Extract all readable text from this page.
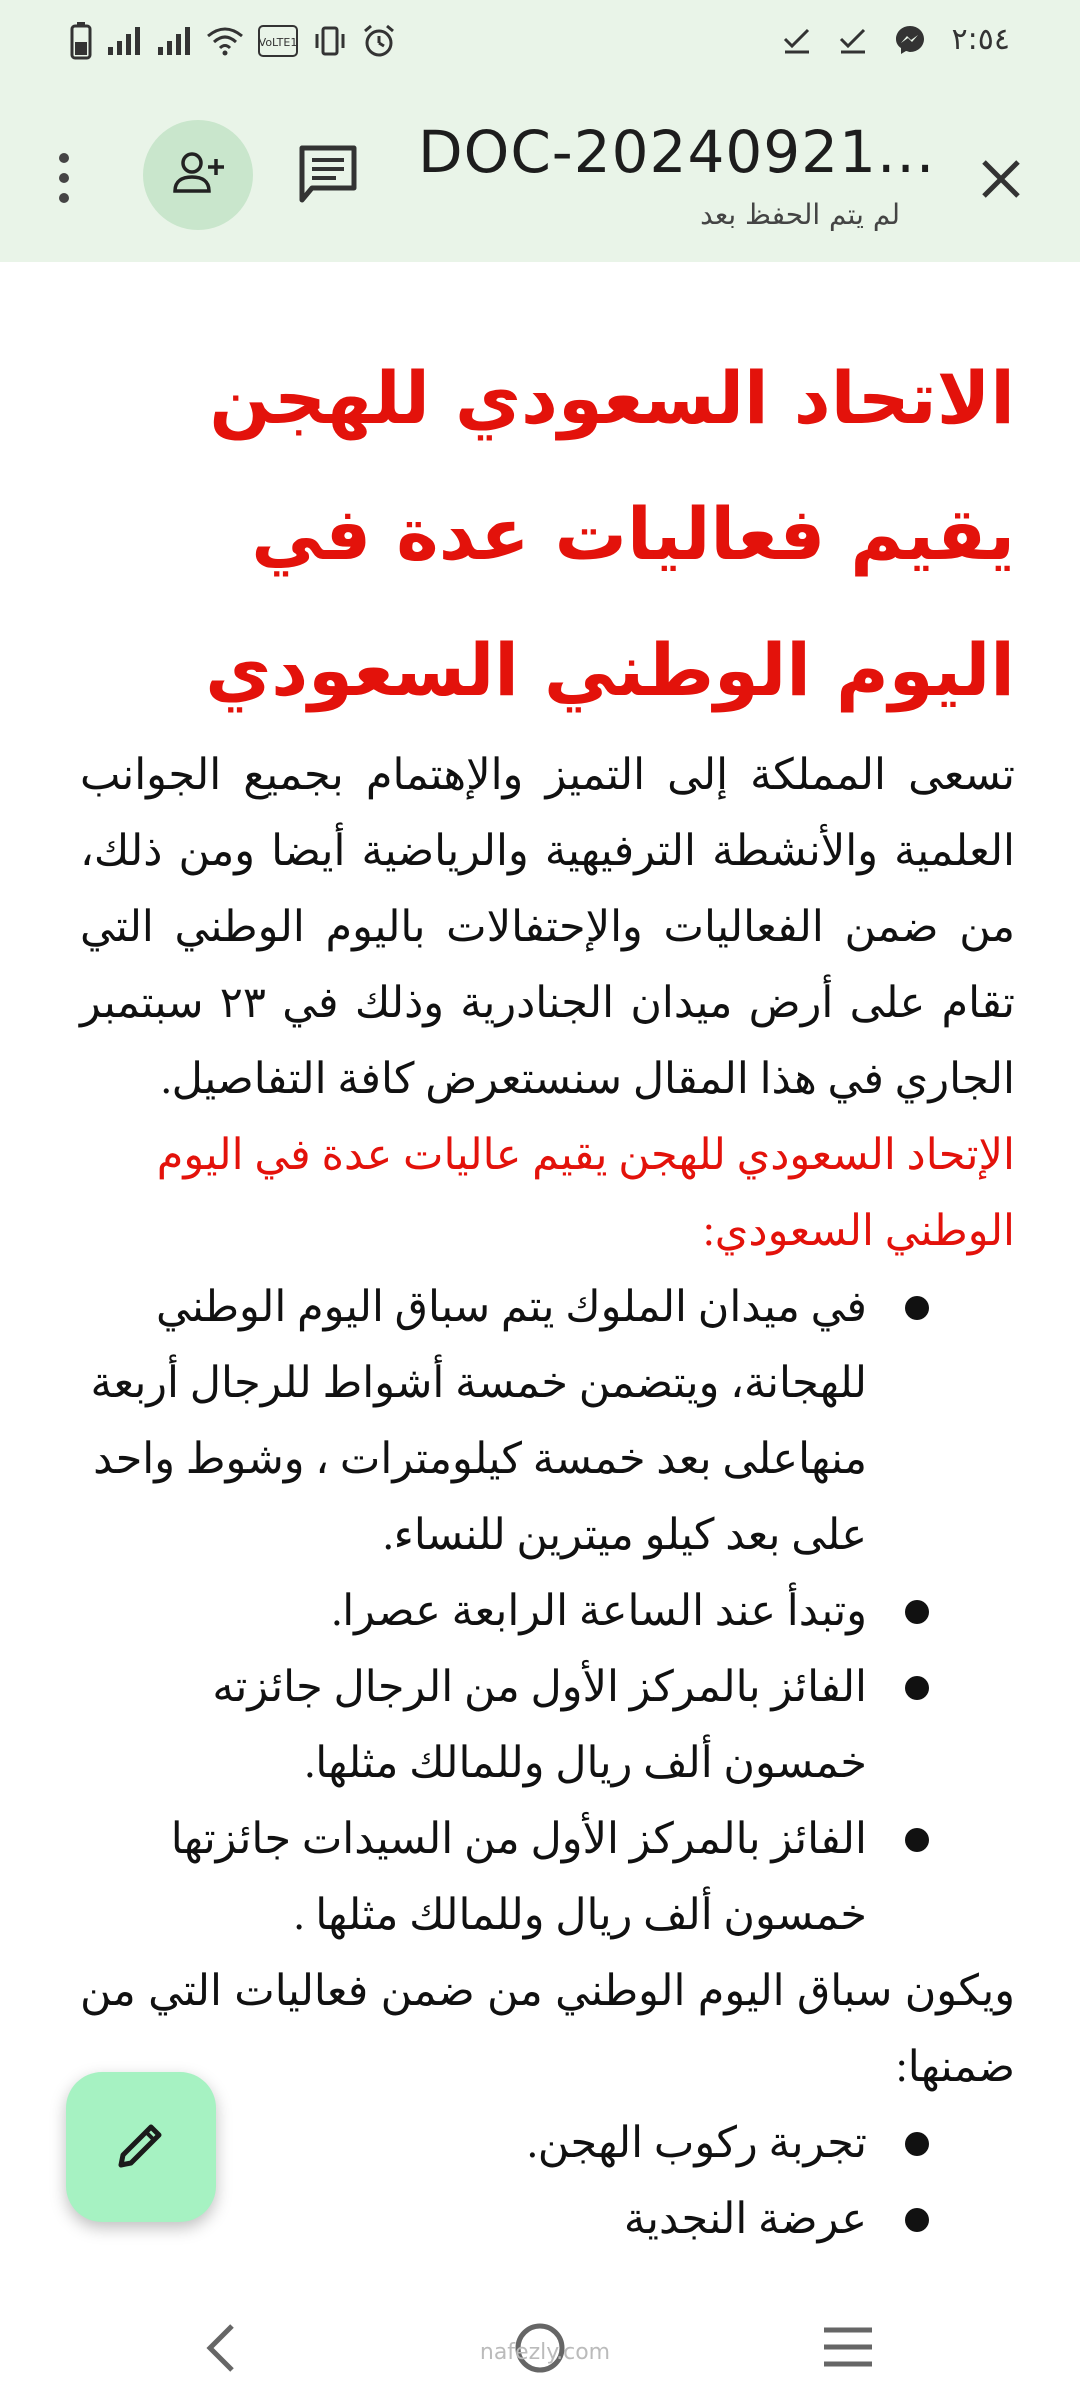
VoLTE1	٢:٥٤
DOC-20240921...
لم يتم الحفظ بعد
الاتحاد السعودي للهجن يقيم فعاليات عدة في اليوم الوطني السعودي

تسعى المملكة إلى التميز والإهتمام بجميع الجوانب العلمية والأنشطة الترفيهية والرياضية أيضا ومن ذلك، من ضمن الفعاليات والإحتفالات باليوم الوطني التي تقام على أرض ميدان الجنادرية وذلك في ٢٣ سبتمبر الجاري في هذا المقال سنستعرض كافة التفاصيل.

الإتحاد السعودي للهجن يقيم عاليات عدة في اليوم الوطني السعودي:

في ميدان الملوك يتم سباق اليوم الوطني للهجانة، ويتضمن خمسة أشواط للرجال أربعة منهاعلى بعد خمسة كيلومترات ، وشوط واحد على بعد كيلو ميترين للنساء.
وتبدأ عند الساعة الرابعة عصرا.
الفائز بالمركز الأول من الرجال جائزته خمسون ألف ريال وللمالك مثلها.
الفائز بالمركز الأول من السيدات جائزتها خمسون ألف ريال وللمالك مثلها .

ويكون سباق اليوم الوطني من ضمن فعاليات التي من ضمنها:

تجربة ركوب الهجن.
عرضة النجدية
nafezly.com
